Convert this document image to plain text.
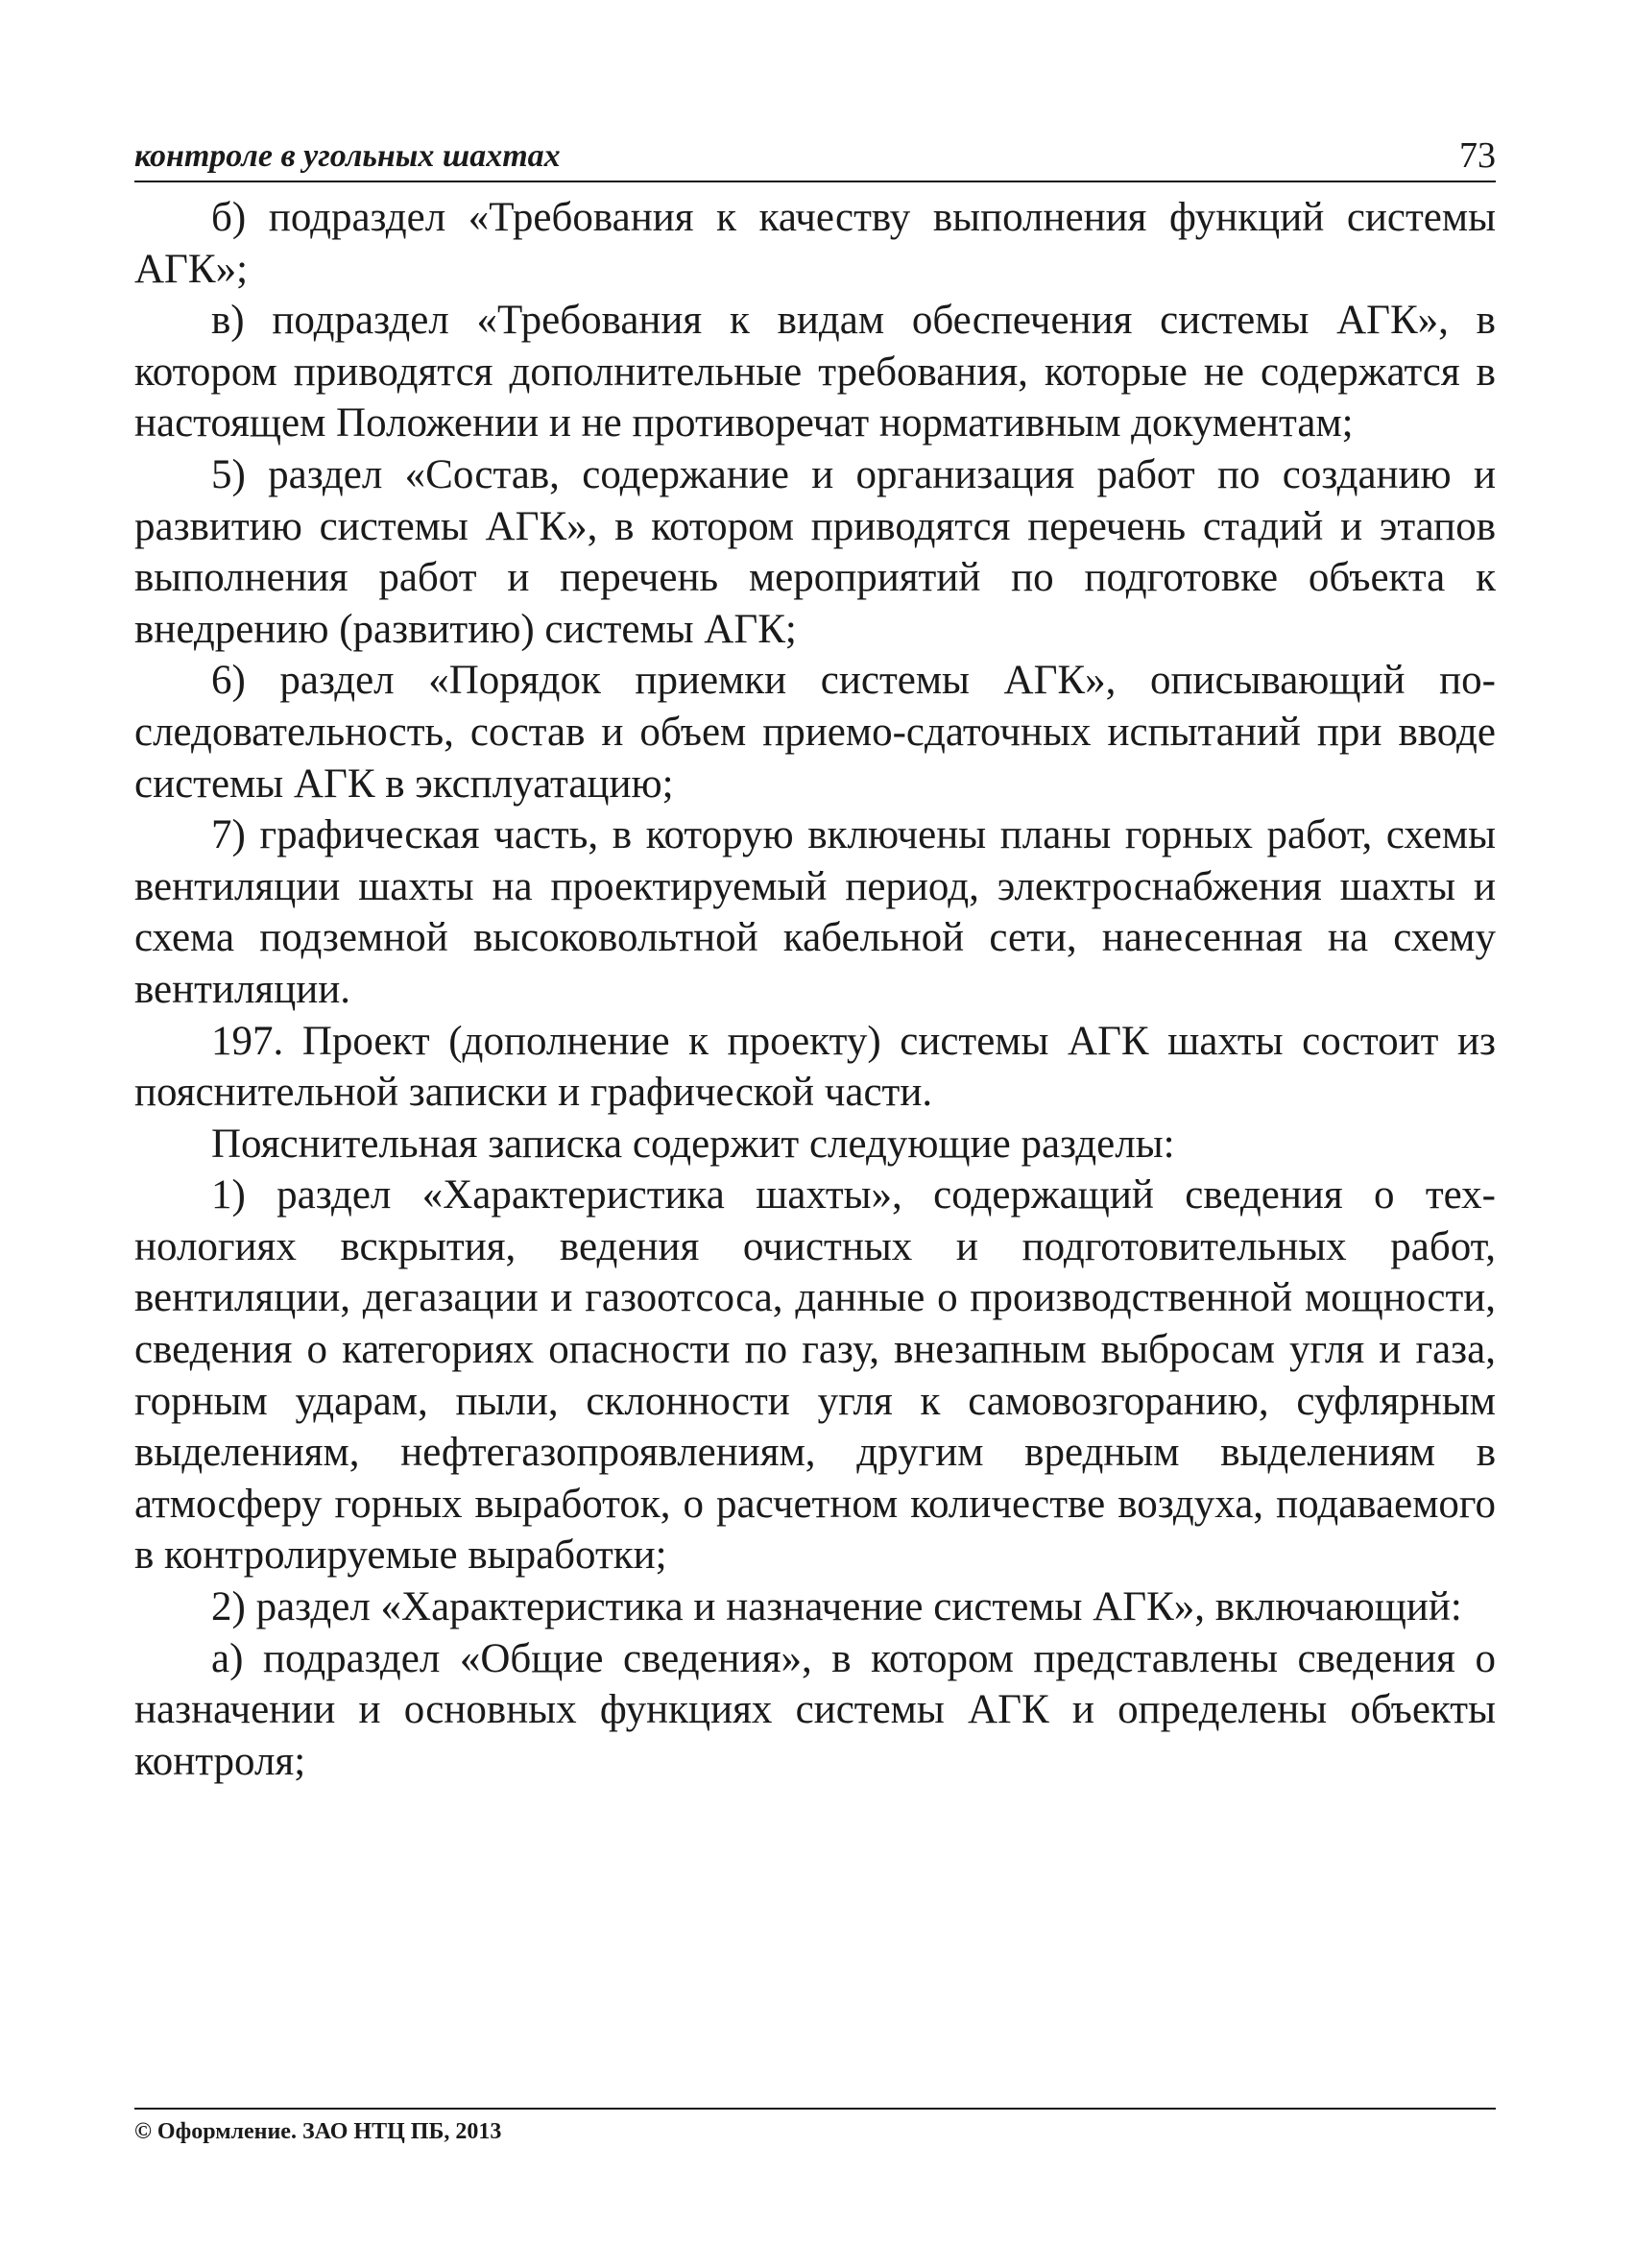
контроле в угольных шахтах	73

б) подраздел «Требования к качеству выполнения функций системы АГК»;

в) подраздел «Требования к видам обеспечения системы АГК», в котором приводятся дополнительные требования, которые не содержатся в настоящем Положении и не противоречат нормативным документам;

5) раздел «Состав, содержание и организация работ по созданию и развитию системы АГК», в котором приводятся перечень стадий и этапов выполнения работ и перечень мероприятий по подготовке объекта к внедрению (развитию) системы АГК;

6) раздел «Порядок приемки системы АГК», описывающий последовательность, состав и объем приемо-сдаточных испытаний при вводе системы АГК в эксплуатацию;

7) графическая часть, в которую включены планы горных работ, схемы вентиляции шахты на проектируемый период, электроснабжения шахты и схема подземной высоковольтной кабельной сети, нанесенная на схему вентиляции.

197. Проект (дополнение к проекту) системы АГК шахты состоит из пояснительной записки и графической части.

Пояснительная записка содержит следующие разделы:

1) раздел «Характеристика шахты», содержащий сведения о технологиях вскрытия, ведения очистных и подготовительных работ, вентиляции, дегазации и газоотсоса, данные о производственной мощности, сведения о категориях опасности по газу, внезапным выбросам угля и газа, горным ударам, пыли, склонности угля к самовозгоранию, суфлярным выделениям, нефтегазопроявлениям, другим вредным выделениям в атмосферу горных выработок, о расчетном количестве воздуха, подаваемого в контролируемые выработки;

2) раздел «Характеристика и назначение системы АГК», включающий:

а) подраздел «Общие сведения», в котором представлены сведения о назначении и основных функциях системы АГК и определены объекты контроля;

© Оформление. ЗАО НТЦ ПБ, 2013
